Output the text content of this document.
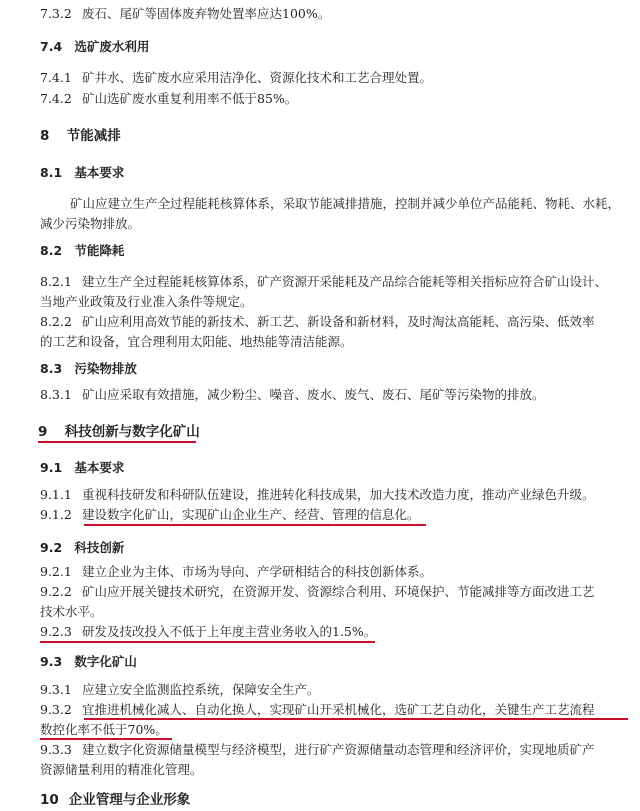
7.3.2 废石、尾矿等固体废弃物处置率应达100%。
7.4 选矿废水利用
7.4.1 矿井水、选矿废水应采用洁净化、资源化技术和工艺合理处置。
7.4.2 矿山选矿废水重复利用率不低于85%。
8 节能减排
8.1 基本要求
矿山应建立生产全过程能耗核算体系，采取节能减排措施，控制并减少单位产品能耗、物耗、水耗，
减少污染物排放。
8.2 节能降耗
8.2.1 建立生产全过程能耗核算体系，矿产资源开采能耗及产品综合能耗等相关指标应符合矿山设计、
当地产业政策及行业准入条件等规定。
8.2.2 矿山应利用高效节能的新技术、新工艺、新设备和新材料，及时淘汰高能耗、高污染、低效率
的工艺和设备，宜合理利用太阳能、地热能等清洁能源。
8.3 污染物排放
8.3.1 矿山应采取有效措施，减少粉尘、噪音、废水、废气、废石、尾矿等污染物的排放。
9 科技创新与数字化矿山
9.1 基本要求
9.1.1 重视科技研发和科研队伍建设，推进转化科技成果，加大技术改造力度，推动产业绿色升级。
9.1.2 建设数字化矿山，实现矿山企业生产、经营、管理的信息化。
9.2 科技创新
9.2.1 建立企业为主体、市场为导向、产学研相结合的科技创新体系。
9.2.2 矿山应开展关键技术研究，在资源开发、资源综合利用、环境保护、节能减排等方面改进工艺
技术水平。
9.2.3 研发及技改投入不低于上年度主营业务收入的1.5%。
9.3 数字化矿山
9.3.1 应建立安全监测监控系统，保障安全生产。
9.3.2 宜推进机械化减人、自动化换人，实现矿山开采机械化，选矿工艺自动化，关键生产工艺流程
数控化率不低于70%。
9.3.3 建立数字化资源储量模型与经济模型，进行矿产资源储量动态管理和经济评价，实现地质矿产
资源储量利用的精准化管理。
10 企业管理与企业形象
